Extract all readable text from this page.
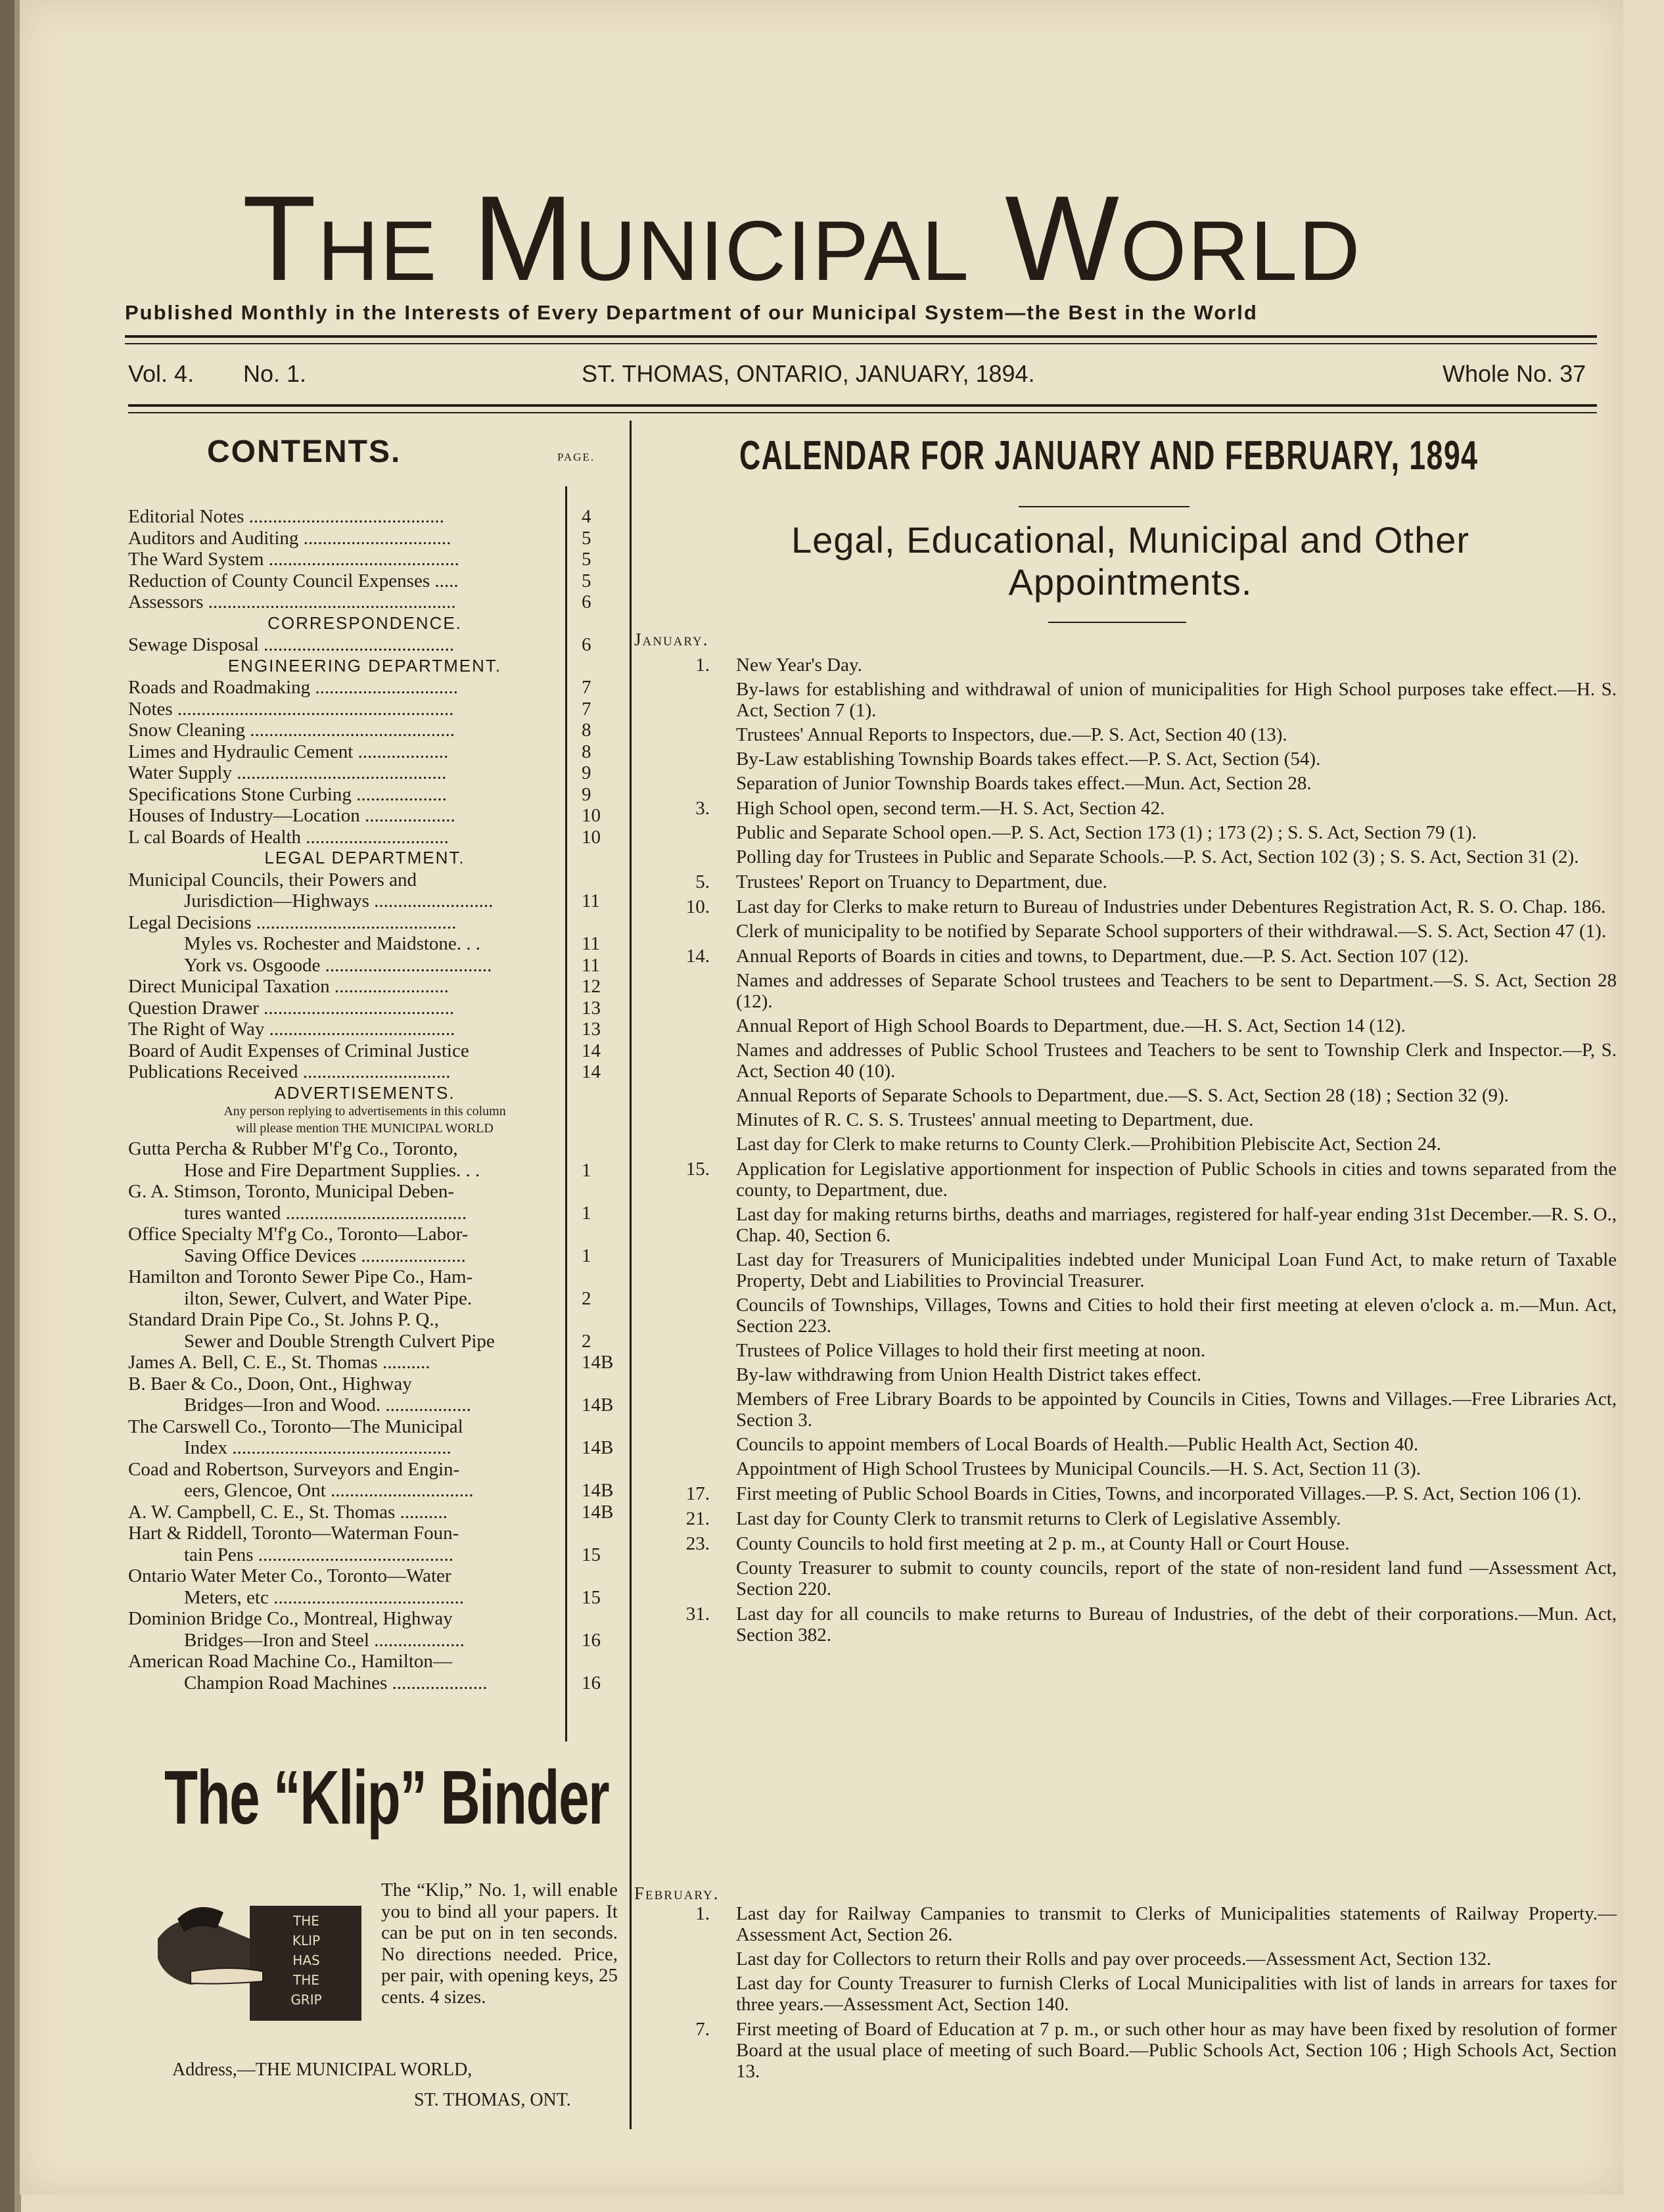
The Municipal World
Published Monthly in the Interests of Every Department of our Municipal System—the Best in the World
Vol. 4. No. 1.	ST. THOMAS, ONTARIO, JANUARY, 1894.	Whole No. 37
CONTENTS.	PAGE.
Editorial Notes .........................................	4
Auditors and Auditing ...............................	5
The Ward System ........................................	5
Reduction of County Council Expenses .....	5
Assessors ....................................................	6
CORRESPONDENCE.
Sewage Disposal ........................................	6
ENGINEERING DEPARTMENT.
Roads and Roadmaking ..............................	7
Notes ..........................................................	7
Snow Cleaning ...........................................	8
Limes and Hydraulic Cement ...................	8
Water Supply ............................................	9
Specifications Stone Curbing ...................	9
Houses of Industry—Location ...................	10
L cal Boards of Health ..............................	10
LEGAL DEPARTMENT.
Municipal Councils, their Powers and
Jurisdiction—Highways .........................	11
Legal Decisions ..........................................
Myles vs. Rochester and Maidstone. . .	11
York vs. Osgoode ...................................	11
Direct Municipal Taxation ........................	12
Question Drawer ........................................	13
The Right of Way .......................................	13
Board of Audit Expenses of Criminal Justice	14
Publications Received ...............................	14
ADVERTISEMENTS.
Any person replying to advertisements in this column
will please mention THE MUNICIPAL WORLD
Gutta Percha & Rubber M'f'g Co., Toronto,
Hose and Fire Department Supplies. . .	1
G. A. Stimson, Toronto, Municipal Deben-
tures wanted ......................................	1
Office Specialty M'f'g Co., Toronto—Labor-
Saving Office Devices ......................	1
Hamilton and Toronto Sewer Pipe Co., Ham-
ilton, Sewer, Culvert, and Water Pipe.	2
Standard Drain Pipe Co., St. Johns P. Q.,
Sewer and Double Strength Culvert Pipe	2
James A. Bell, C. E., St. Thomas ..........	14B
B. Baer & Co., Doon, Ont., Highway
Bridges—Iron and Wood. ..................	14B
The Carswell Co., Toronto—The Municipal
Index ..............................................	14B
Coad and Robertson, Surveyors and Engin-
eers, Glencoe, Ont ..............................	14B
A. W. Campbell, C. E., St. Thomas ..........	14B
Hart & Riddell, Toronto—Waterman Foun-
tain Pens .........................................	15
Ontario Water Meter Co., Toronto—Water
Meters, etc ........................................	15
Dominion Bridge Co., Montreal, Highway
Bridges—Iron and Steel ...................	16
American Road Machine Co., Hamilton—
Champion Road Machines ....................	16
The “Klip” Binder
THE
KLIP
HAS
THE
GRIP
The “Klip,” No. 1, will enable you to bind all your papers. It can be put on in ten seconds. No directions needed. Price, per pair, with opening keys, 25 cents. 4 sizes.
Address,—THE MUNICIPAL WORLD,
ST. THOMAS, ONT.
CALENDAR FOR JANUARY AND FEBRUARY, 1894
Legal, Educational, Municipal and Other
Appointments.
January.
1. New Year's Day.
By-laws for establishing and withdrawal of union of municipalities for High School purposes take effect.—H. S. Act, Section 7 (1).
Trustees' Annual Reports to Inspectors, due.—P. S. Act, Section 40 (13).
By-Law establishing Township Boards takes effect.—P. S. Act, Section (54).
Separation of Junior Township Boards takes effect.—Mun. Act, Section 28.
3. High School open, second term.—H. S. Act, Section 42.
Public and Separate School open.—P. S. Act, Section 173 (1) ; 173 (2) ; S. S. Act, Section 79 (1).
Polling day for Trustees in Public and Separate Schools.—P. S. Act, Section 102 (3) ; S. S. Act, Section 31 (2).
5. Trustees' Report on Truancy to Department, due.
10. Last day for Clerks to make return to Bureau of Industries under Debentures Registration Act, R. S. O. Chap. 186.
Clerk of municipality to be notified by Separate School supporters of their withdrawal.—S. S. Act, Section 47 (1).
14. Annual Reports of Boards in cities and towns, to Department, due.—P. S. Act. Section 107 (12).
Names and addresses of Separate School trustees and Teachers to be sent to Department.—S. S. Act, Section 28 (12).
Annual Report of High School Boards to Department, due.—H. S. Act, Section 14 (12).
Names and addresses of Public School Trustees and Teachers to be sent to Township Clerk and Inspector.—P, S. Act, Section 40 (10).
Annual Reports of Separate Schools to Department, due.—S. S. Act, Section 28 (18) ; Section 32 (9).
Minutes of R. C. S. S. Trustees' annual meeting to Department, due.
Last day for Clerk to make returns to County Clerk.—Prohibition Plebiscite Act, Section 24.
15. Application for Legislative apportionment for inspection of Public Schools in cities and towns separated from the county, to Department, due.
Last day for making returns births, deaths and marriages, registered for half-year ending 31st December.—R. S. O., Chap. 40, Section 6.
Last day for Treasurers of Municipalities indebted under Municipal Loan Fund Act, to make return of Taxable Property, Debt and Liabilities to Provincial Treasurer.
Councils of Townships, Villages, Towns and Cities to hold their first meeting at eleven o'clock a. m.—Mun. Act, Section 223.
Trustees of Police Villages to hold their first meeting at noon.
By-law withdrawing from Union Health District takes effect.
Members of Free Library Boards to be appointed by Councils in Cities, Towns and Villages.—Free Libraries Act, Section 3.
Councils to appoint members of Local Boards of Health.—Public Health Act, Section 40.
Appointment of High School Trustees by Municipal Councils.—H. S. Act, Section 11 (3).
17. First meeting of Public School Boards in Cities, Towns, and incorporated Villages.—P. S. Act, Section 106 (1).
21. Last day for County Clerk to transmit returns to Clerk of Legislative Assembly.
23. County Councils to hold first meeting at 2 p. m., at County Hall or Court House.
County Treasurer to submit to county councils, report of the state of non-resident land fund —Assessment Act, Section 220.
31. Last day for all councils to make returns to Bureau of Industries, of the debt of their corporations.—Mun. Act, Section 382.
February.
1. Last day for Railway Campanies to transmit to Clerks of Municipalities statements of Railway Property.—Assessment Act, Section 26.
Last day for Collectors to return their Rolls and pay over proceeds.—Assessment Act, Section 132.
Last day for County Treasurer to furnish Clerks of Local Municipalities with list of lands in arrears for taxes for three years.—Assessment Act, Section 140.
7. First meeting of Board of Education at 7 p. m., or such other hour as may have been fixed by resolution of former Board at the usual place of meeting of such Board.—Public Schools Act, Section 106 ; High Schools Act, Section 13.
